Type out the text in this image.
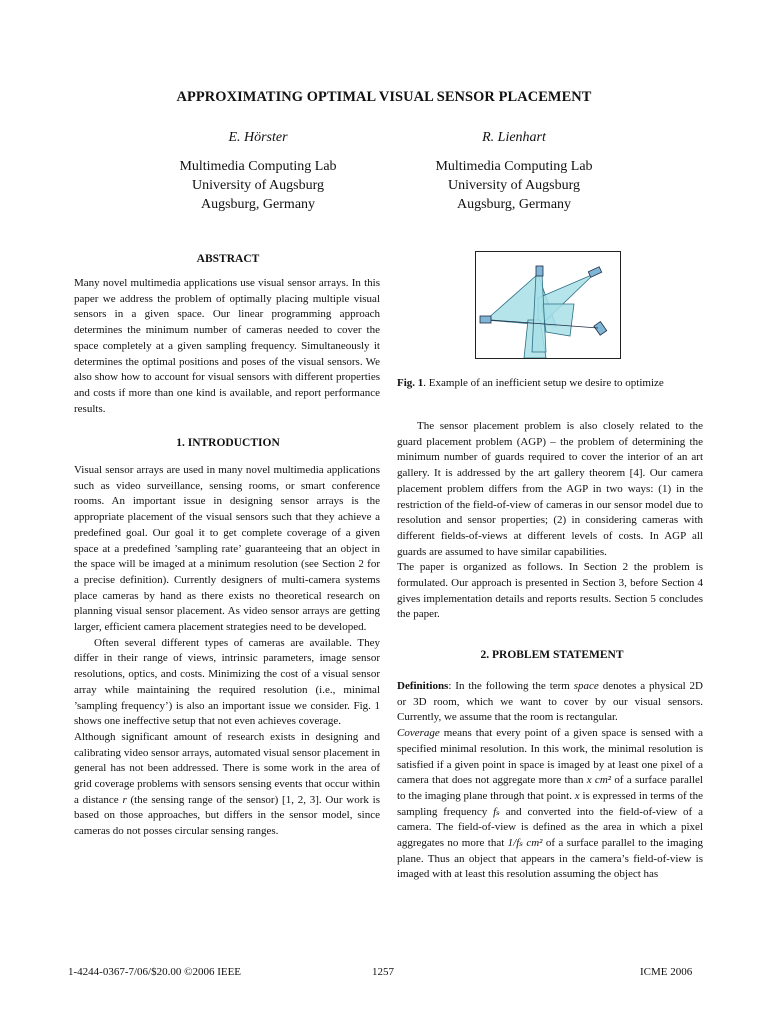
APPROXIMATING OPTIMAL VISUAL SENSOR PLACEMENT
E. Hörster
Multimedia Computing Lab
University of Augsburg
Augsburg, Germany
R. Lienhart
Multimedia Computing Lab
University of Augsburg
Augsburg, Germany
ABSTRACT

Many novel multimedia applications use visual sensor arrays. In this paper we address the problem of optimally placing multiple visual sensors in a given space. Our linear programming approach determines the minimum number of cameras needed to cover the space completely at a given sampling frequency. Simultaneously it determines the optimal positions and poses of the visual sensors. We also show how to account for visual sensors with different properties and costs if more than one kind is available, and report performance results.

1. INTRODUCTION

Visual sensor arrays are used in many novel multimedia applications such as video surveillance, sensing rooms, or smart conference rooms. An important issue in designing sensor arrays is the appropriate placement of the visual sensors such that they achieve a predefined goal. Our goal it to get complete coverage of a given space at a predefined ’sampling rate’ guaranteeing that an object in the space will be imaged at a minimum resolution (see Section 2 for a precise definition). Currently designers of multi-camera systems place cameras by hand as there exists no theoretical research on planning visual sensor placement. As video sensor arrays are getting larger, efficient camera placement strategies need to be developed.

Often several different types of cameras are available. They differ in their range of views, intrinsic parameters, image sensor resolutions, optics, and costs. Minimizing the cost of a visual sensor array while maintaining the required resolution (i.e., minimal ’sampling frequency’) is also an important issue we consider. Fig. 1 shows one ineffective setup that not even achieves coverage.

Although significant amount of research exists in designing and calibrating video sensor arrays, automated visual sensor placement in general has not been addressed. There is some work in the area of grid coverage problems with sensors sensing events that occur within a distance r (the sensing range of the sensor) [1, 2, 3]. Our work is based on those approaches, but differs in the sensor model, since cameras do not posses circular sensing ranges.

Fig. 1. Example of an inefficient setup we desire to optimize

The sensor placement problem is also closely related to the guard placement problem (AGP) – the problem of determining the minimum number of guards required to cover the interior of an art gallery. It is addressed by the art gallery theorem [4]. Our camera placement problem differs from the AGP in two ways: (1) in the restriction of the field-of-view of cameras in our sensor model due to resolution and sensor properties; (2) in considering cameras with different fields-of-views at different levels of costs. In AGP all guards are assumed to have similar capabilities.

The paper is organized as follows. In Section 2 the problem is formulated. Our approach is presented in Section 3, before Section 4 gives implementation details and reports results. Section 5 concludes the paper.

2. PROBLEM STATEMENT

Definitions: In the following the term space denotes a physical 2D or 3D room, which we want to cover by our visual sensors. Currently, we assume that the room is rectangular.

Coverage means that every point of a given space is sensed with a specified minimal resolution. In this work, the minimal resolution is satisfied if a given point in space is imaged by at least one pixel of a camera that does not aggregate more than x cm² of a surface parallel to the imaging plane through that point. x is expressed in terms of the sampling frequency fₛ and converted into the field-of-view of a camera. The field-of-view is defined as the area in which a pixel aggregates no more that 1/fₛ cm² of a surface parallel to the imaging plane. Thus an object that appears in the camera’s field-of-view is imaged with at least this resolution assuming the object has

1-4244-0367-7/06/$20.00 ©2006 IEEE	1257	ICME 2006
